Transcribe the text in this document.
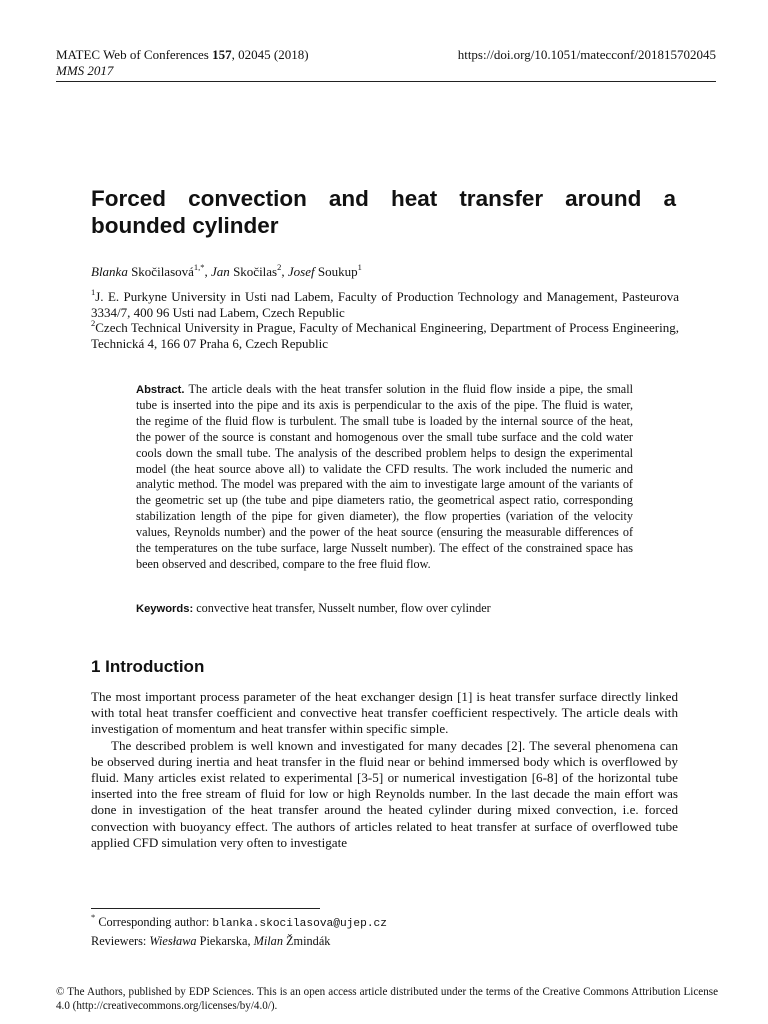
MATEC Web of Conferences 157, 02045 (2018)	https://doi.org/10.1051/matecconf/201815702045
MMS 2017
Forced convection and heat transfer around a bounded cylinder
Blanka Skočilasová$^{1,*}$, Jan Skočilas$^2$, Josef Soukup$^1$

$^1$J. E. Purkyne University in Usti nad Labem, Faculty of Production Technology and Management, Pasteurova 3334/7, 400 96 Usti nad Labem, Czech Republic

$^2$Czech Technical University in Prague, Faculty of Mechanical Engineering, Department of Process Engineering, Technická 4, 166 07 Praha 6, Czech Republic

Abstract. The article deals with the heat transfer solution in the fluid flow inside a pipe, the small tube is inserted into the pipe and its axis is perpendicular to the axis of the pipe. The fluid is water, the regime of the fluid flow is turbulent. The small tube is loaded by the internal source of the heat, the power of the source is constant and homogenous over the small tube surface and the cold water cools down the small tube. The analysis of the described problem helps to design the experimental model (the heat source above all) to validate the CFD results. The work included the numeric and analytic method. The model was prepared with the aim to investigate large amount of the variants of the geometric set up (the tube and pipe diameters ratio, the geometrical aspect ratio, corresponding stabilization length of the pipe for given diameter), the flow properties (variation of the velocity values, Reynolds number) and the power of the heat source (ensuring the measurable differences of the temperatures on the tube surface, large Nusselt number). The effect of the constrained space has been observed and described, compare to the free fluid flow.

Keywords: convective heat transfer, Nusselt number, flow over cylinder

1 Introduction

The most important process parameter of the heat exchanger design [1] is heat transfer surface directly linked with total heat transfer coefficient and convective heat transfer coefficient respectively. The article deals with investigation of momentum and heat transfer within specific simple.

The described problem is well known and investigated for many decades [2]. The several phenomena can be observed during inertia and heat transfer in the fluid near or behind immersed body which is overflowed by fluid. Many articles exist related to experimental [3-5] or numerical investigation [6-8] of the horizontal tube inserted into the free stream of fluid for low or high Reynolds number. In the last decade the main effort was done in investigation of the heat transfer around the heated cylinder during mixed convection, i.e. forced convection with buoyancy effect. The authors of articles related to heat transfer at surface of overflowed tube applied CFD simulation very often to investigate

* Corresponding author: blanka.skocilasova@ujep.cz

Reviewers: Wiesława Piekarska, Milan Žmindák

© The Authors, published by EDP Sciences. This is an open access article distributed under the terms of the Creative Commons Attribution License 4.0 (http://creativecommons.org/licenses/by/4.0/).
